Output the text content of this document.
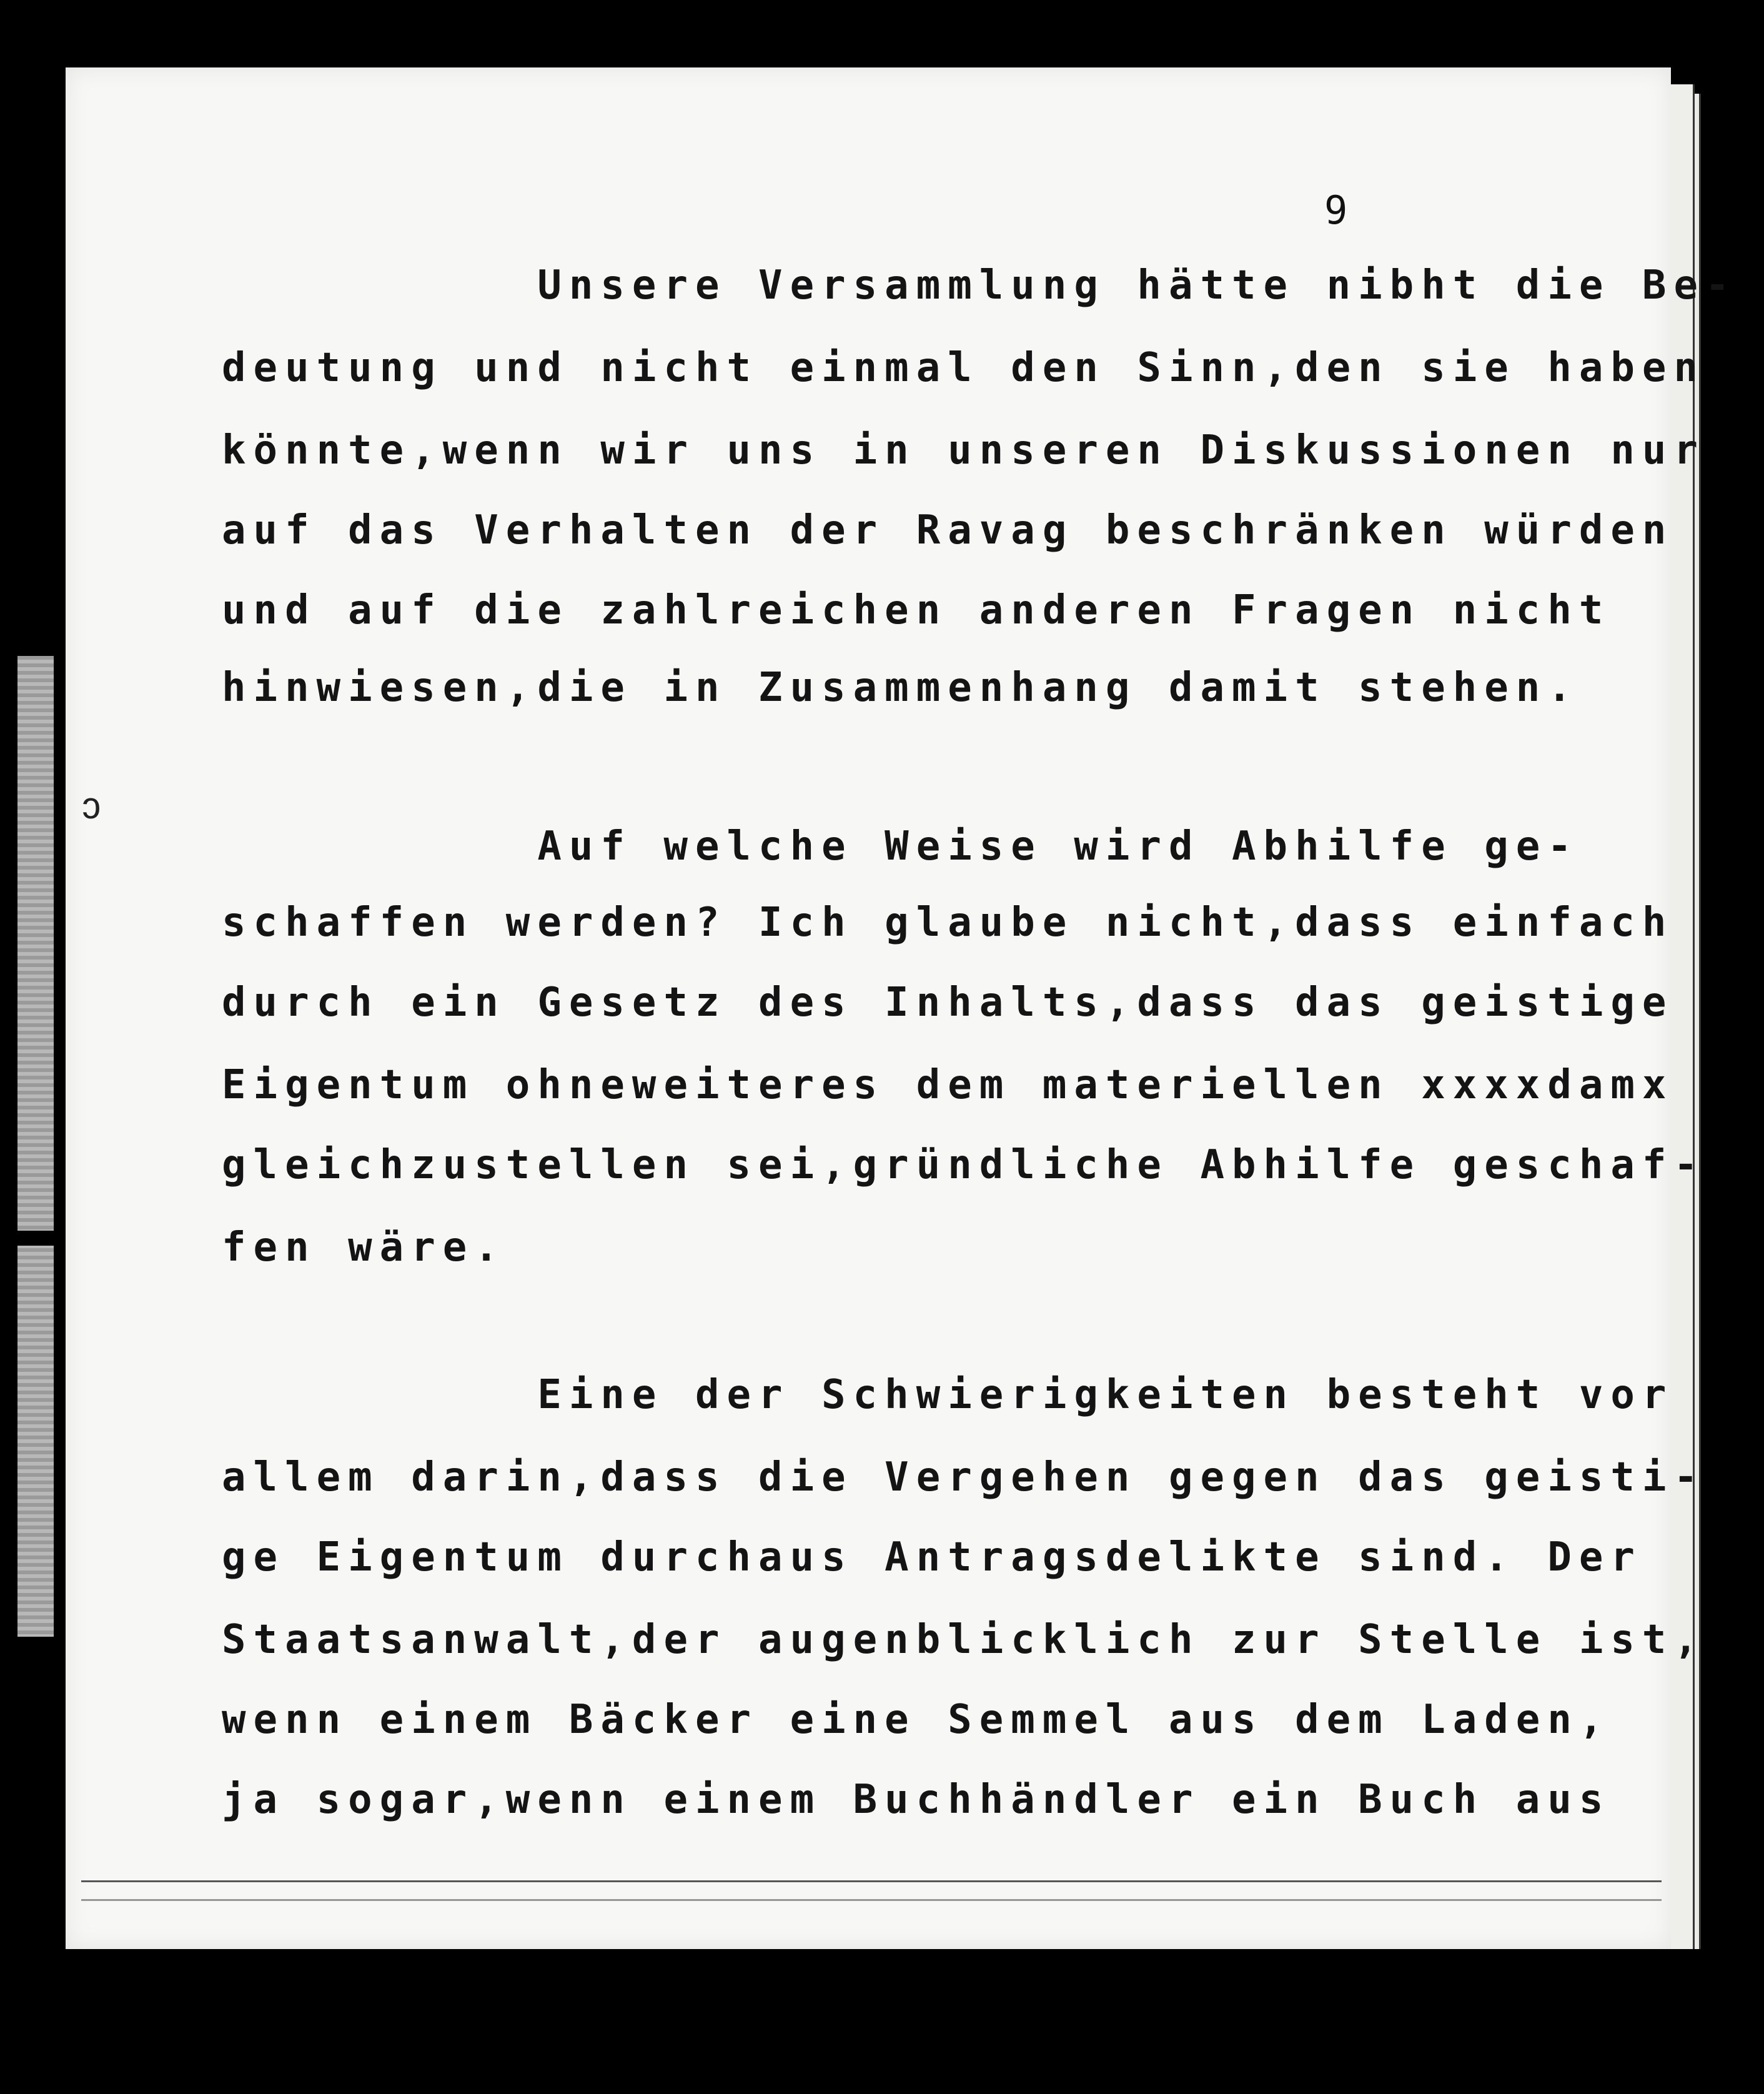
ↄ
9
Unsere Versammlung hätte nibht die Be-
deutung und nicht einmal den Sinn,den sie haben
könnte,wenn wir uns in unseren Diskussionen nur
auf das Verhalten der Ravag beschränken würden
und auf die zahlreichen anderen Fragen nicht
hinwiesen,die in Zusammenhang damit stehen.
Auf welche Weise wird Abhilfe ge-
schaffen werden? Ich glaube nicht,dass einfach
durch ein Gesetz des Inhalts,dass das geistige
Eigentum ohneweiteres dem materiellen xxxxdamx
gleichzustellen sei,gründliche Abhilfe geschaf-
fen wäre.
Eine der Schwierigkeiten besteht vor
allem darin,dass die Vergehen gegen das geisti-
ge Eigentum durchaus Antragsdelikte sind. Der
Staatsanwalt,der augenblicklich zur Stelle ist,
wenn einem Bäcker eine Semmel aus dem Laden,
ja sogar,wenn einem Buchhändler ein Buch aus
